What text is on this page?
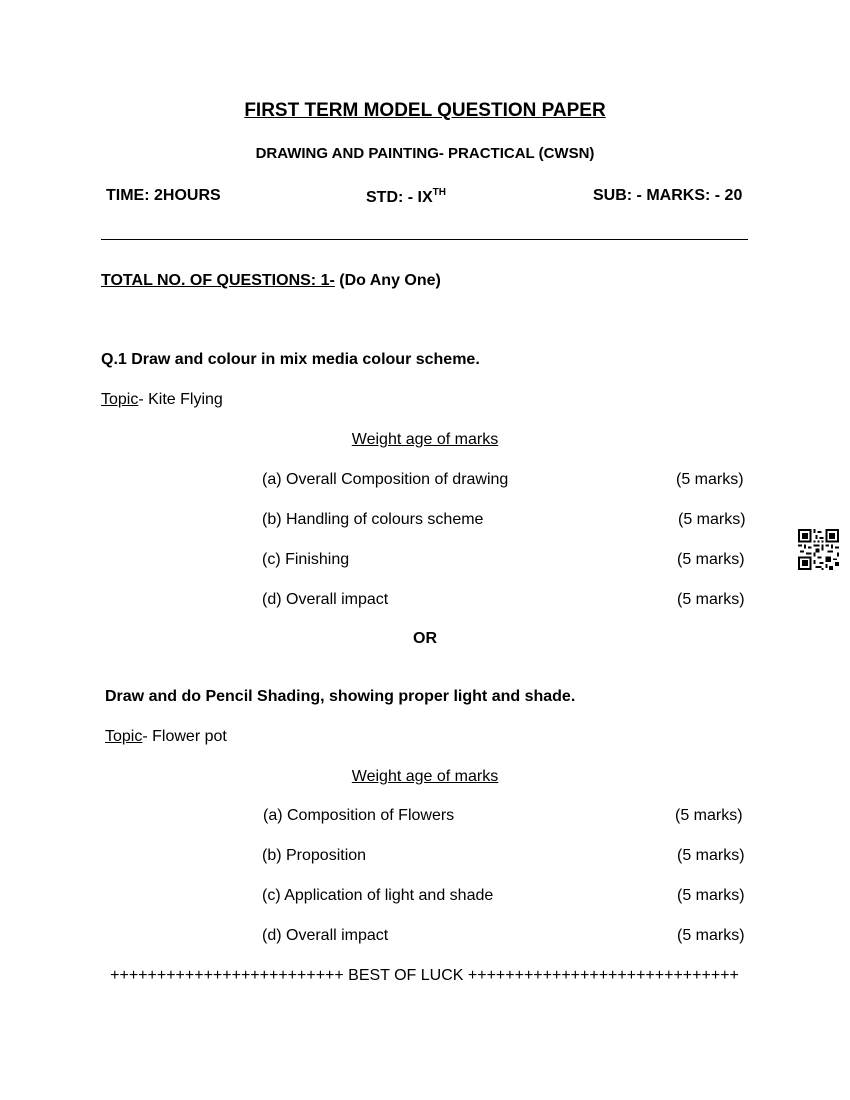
FIRST TERM MODEL QUESTION PAPER
DRAWING AND PAINTING- PRACTICAL (CWSN)
TIME: 2HOURS	STD: - IXTH	SUB: - MARKS: - 20
TOTAL NO. OF QUESTIONS: 1- (Do Any One)
Q.1 Draw and colour in mix media colour scheme.
Topic- Kite Flying
Weight age of marks
(a) Overall Composition of drawing	(5 marks)
(b) Handling of colours scheme	(5 marks)
(c) Finishing	(5 marks)
(d) Overall impact	(5 marks)
OR
Draw and do Pencil Shading, showing proper light and shade.
Topic- Flower pot
Weight age of marks
(a) Composition of Flowers	(5 marks)
(b) Proposition	(5 marks)
(c) Application of light and shade	(5 marks)
(d) Overall impact	(5 marks)
+++++++++++++++++++++++++ BEST OF LUCK +++++++++++++++++++++++++++++
